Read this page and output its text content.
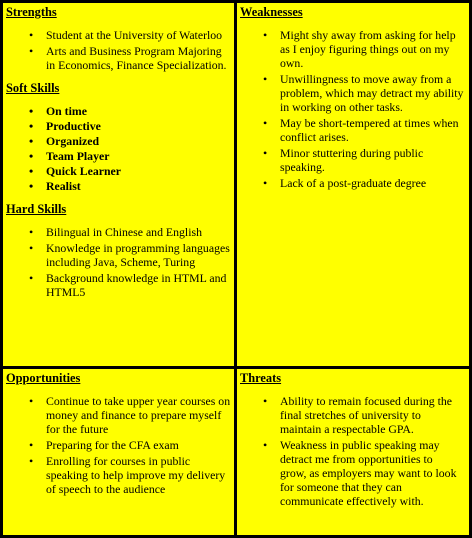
Strengths

• Student at the University of Waterloo
• Arts and Business Program Majoring in Economics, Finance Specialization.

Soft Skills

• On time
• Productive
• Organized
• Team Player
• Quick Learner
• Realist

Hard Skills

• Bilingual in Chinese and English
• Knowledge in programming languages including Java, Scheme, Turing
• Background knowledge in HTML and HTML5

Weaknesses

• Might shy away from asking for help as I enjoy figuring things out on my own.
• Unwillingness to move away from a problem, which may detract my ability in working on other tasks.
• May be short-tempered at times when conflict arises.
• Minor stuttering during public speaking.
• Lack of a post-graduate degree

Opportunities

• Continue to take upper year courses on money and finance to prepare myself for the future
• Preparing for the CFA exam
• Enrolling for courses in public speaking to help improve my delivery of speech to the audience

Threats

• Ability to remain focused during the final stretches of university to maintain a respectable GPA.
• Weakness in public speaking may detract me from opportunities to grow, as employers may want to look for someone that they can communicate effectively with.
